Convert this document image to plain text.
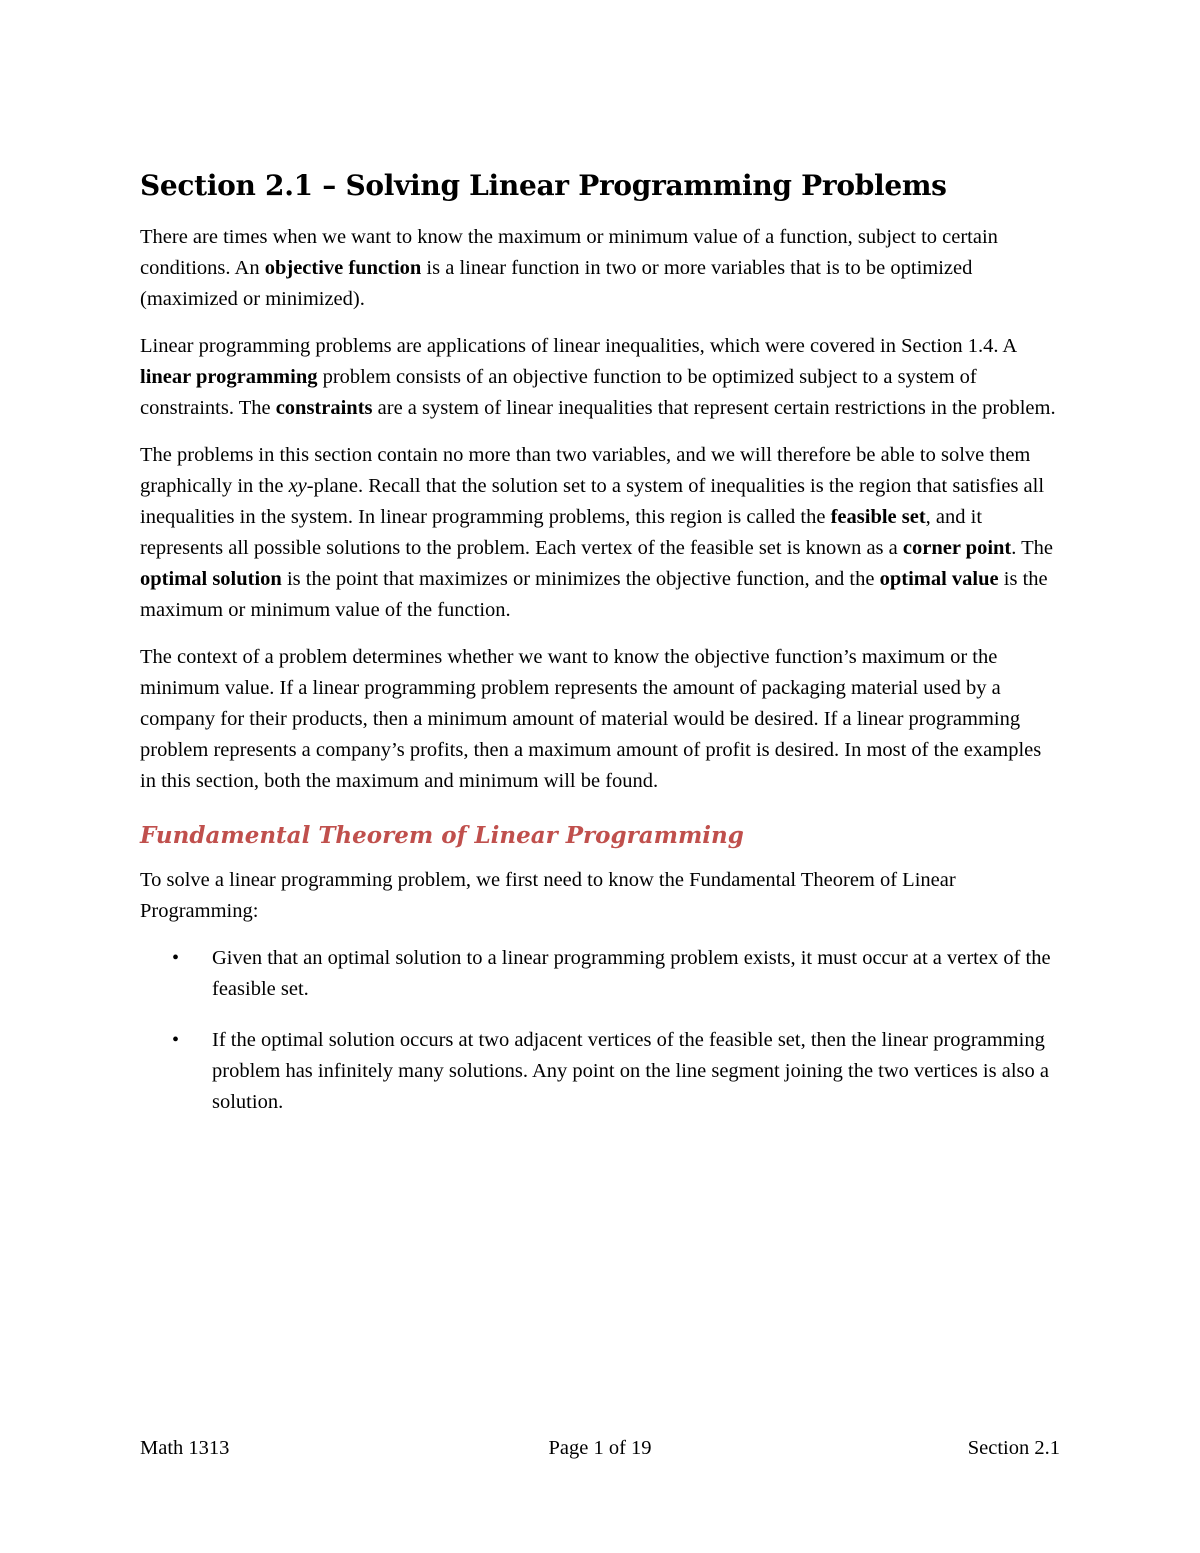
Section 2.1 – Solving Linear Programming Problems

There are times when we want to know the maximum or minimum value of a function, subject to certain conditions. An objective function is a linear function in two or more variables that is to be optimized (maximized or minimized).

Linear programming problems are applications of linear inequalities, which were covered in Section 1.4. A linear programming problem consists of an objective function to be optimized subject to a system of constraints. The constraints are a system of linear inequalities that represent certain restrictions in the problem.

The problems in this section contain no more than two variables, and we will therefore be able to solve them graphically in the xy-plane. Recall that the solution set to a system of inequalities is the region that satisfies all inequalities in the system. In linear programming problems, this region is called the feasible set, and it represents all possible solutions to the problem. Each vertex of the feasible set is known as a corner point. The optimal solution is the point that maximizes or minimizes the objective function, and the optimal value is the maximum or minimum value of the function.

The context of a problem determines whether we want to know the objective function’s maximum or the minimum value. If a linear programming problem represents the amount of packaging material used by a company for their products, then a minimum amount of material would be desired. If a linear programming problem represents a company’s profits, then a maximum amount of profit is desired. In most of the examples in this section, both the maximum and minimum will be found.

Fundamental Theorem of Linear Programming

To solve a linear programming problem, we first need to know the Fundamental Theorem of Linear Programming:

• Given that an optimal solution to a linear programming problem exists, it must occur at a vertex of the feasible set.
• If the optimal solution occurs at two adjacent vertices of the feasible set, then the linear programming problem has infinitely many solutions. Any point on the line segment joining the two vertices is also a solution.
Math 1313	Page 1 of 19	Section 2.1
